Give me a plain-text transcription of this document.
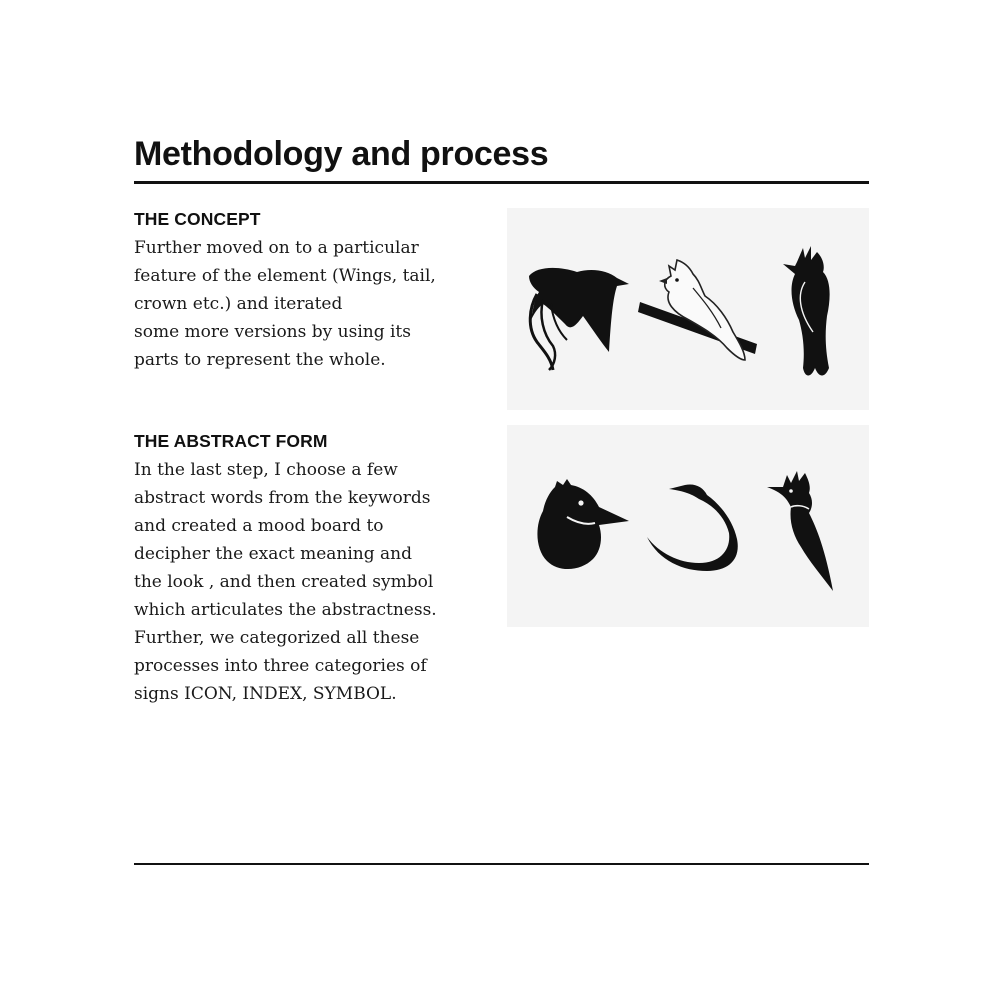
Methodology and process
THE CONCEPT

Further moved on to a particular
feature of the element (Wings, tail,
crown etc.) and iterated
some more versions by using its
parts to represent the whole.

THE ABSTRACT FORM

In the last step, I choose a few
abstract words from the keywords
and created a mood board to
decipher the exact meaning and
the look , and then created symbol
which articulates the abstractness.
Further, we categorized all these
processes into three categories of
signs ICON, INDEX, SYMBOL.
